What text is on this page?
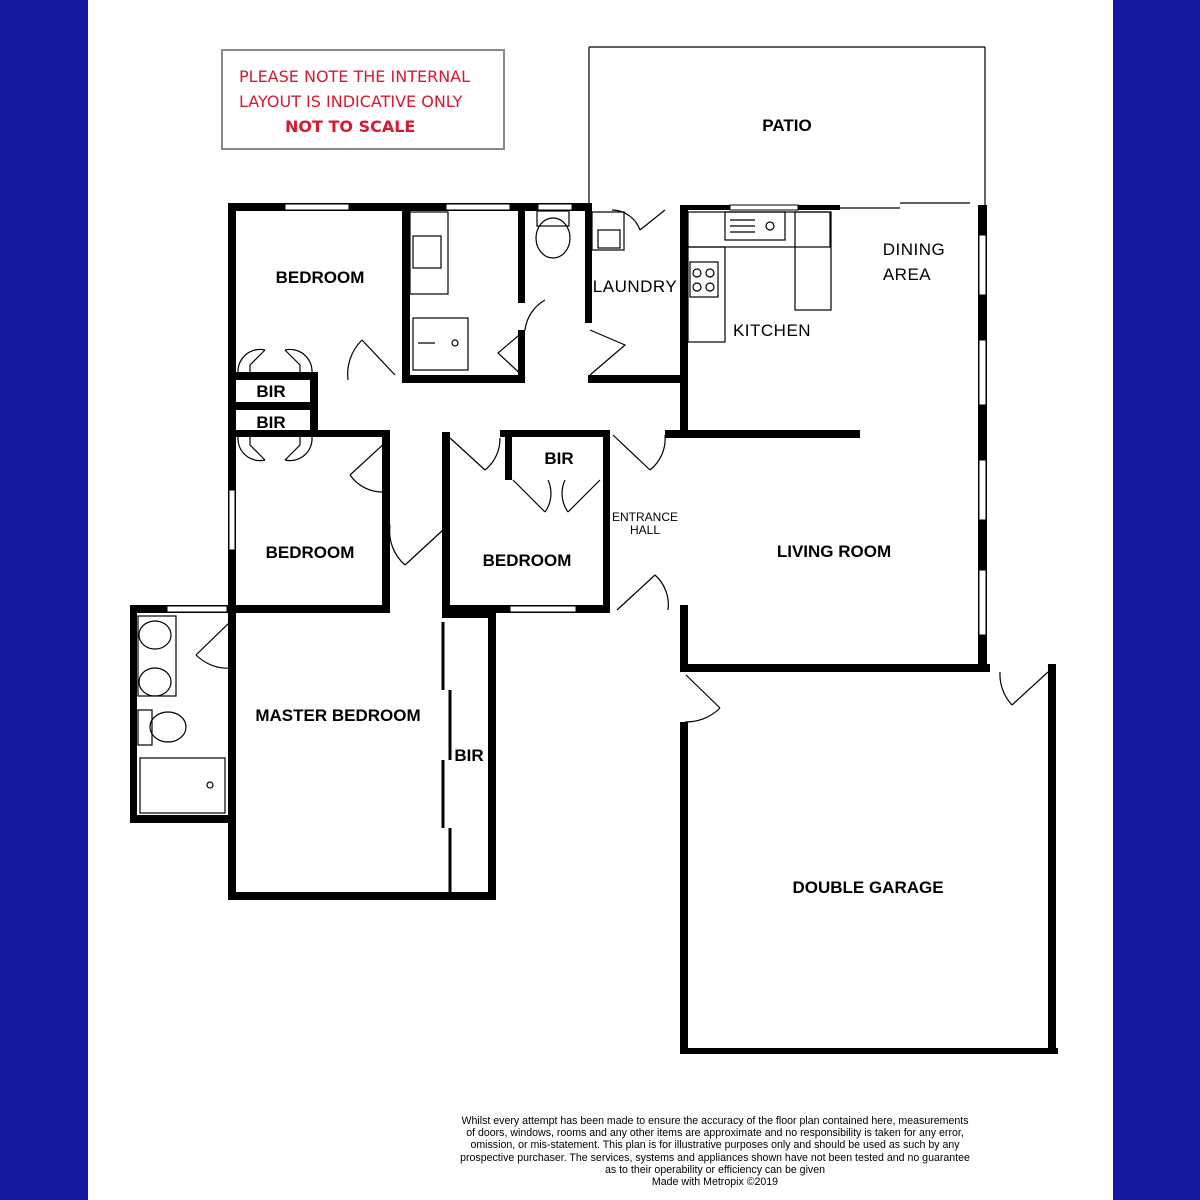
PATIO
DINING
AREA
BEDROOM	LAUNDRY
KITCHEN
BIR
BIR
BIR
ENTRANCE
HALL
BEDROOM	BEDROOM	LIVING ROOM
MASTER BEDROOM
BIR
DOUBLE GARAGE
PLEASE NOTE THE INTERNAL
LAYOUT IS INDICATIVE ONLY
NOT TO SCALE
Whilst every attempt has been made to ensure the accuracy of the floor plan contained here, measurements
of doors, windows, rooms and any other items are approximate and no responsibility is taken for any error,
omission, or mis-statement. This plan is for illustrative purposes only and should be used as such by any
prospective purchaser. The services, systems and appliances shown have not been tested and no guarantee
as to their operability or efficiency can be given
Made with Metropix ©2019
